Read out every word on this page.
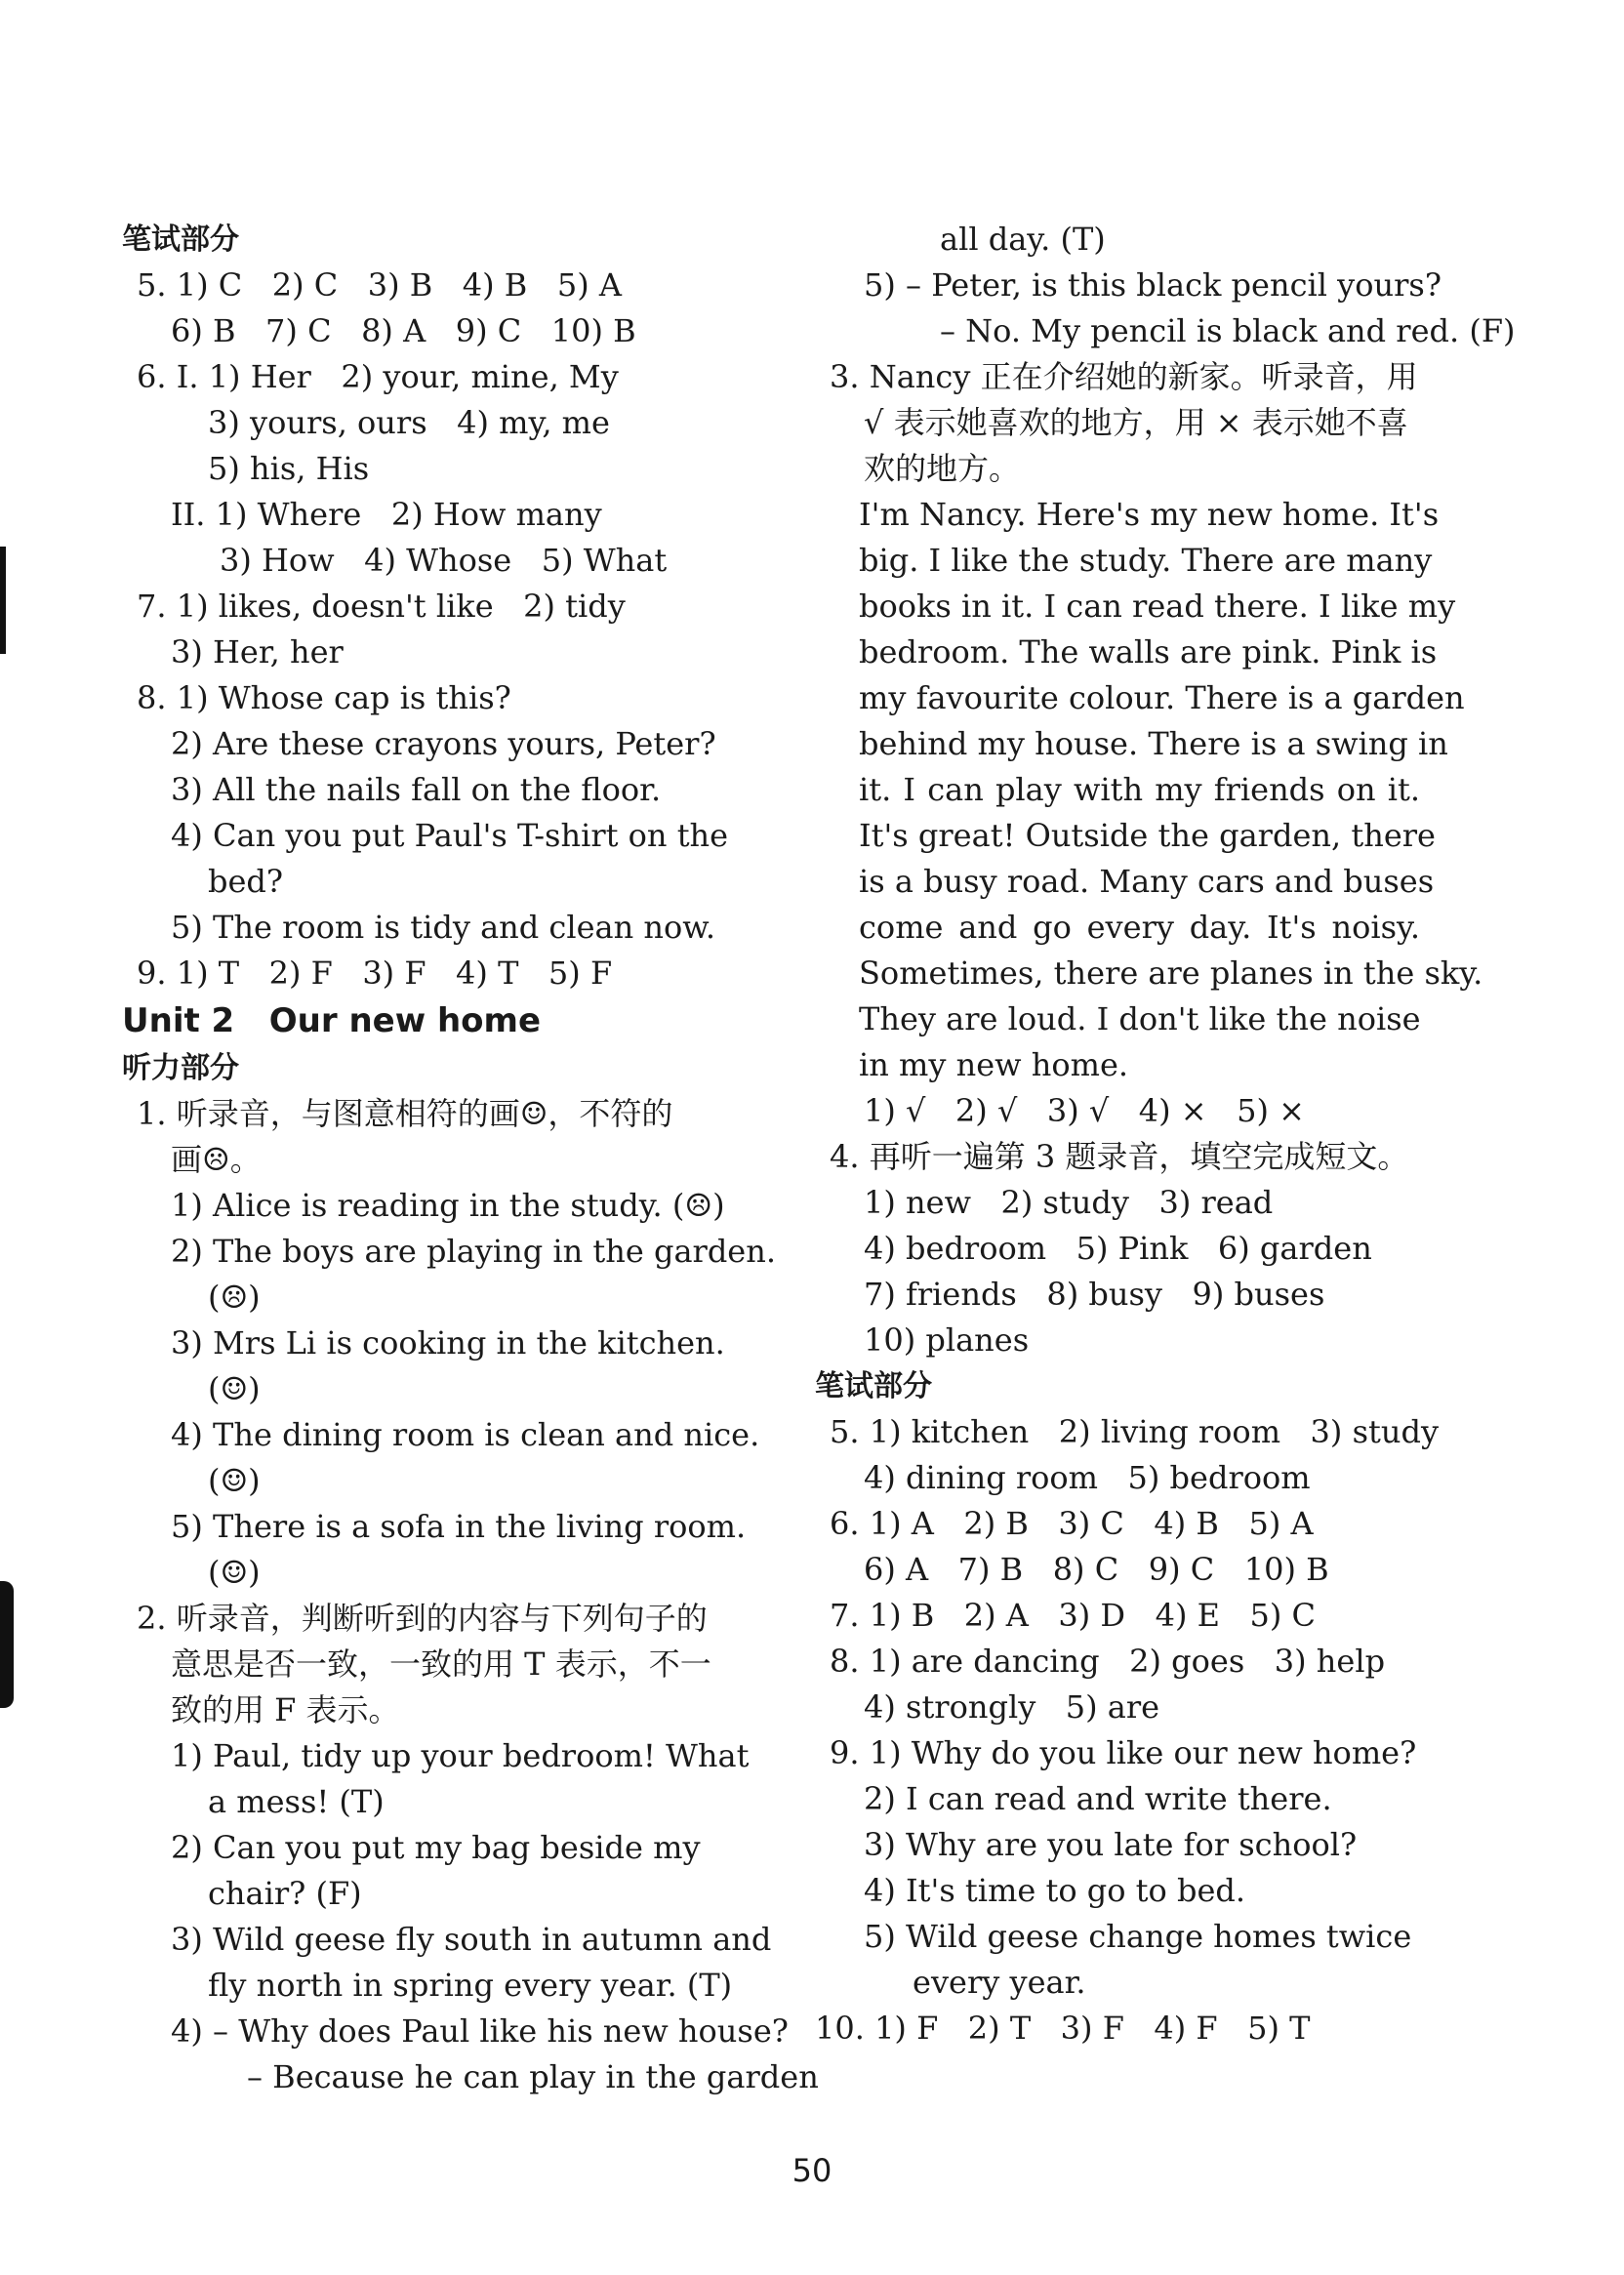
笔试部分
5. 1) C   2) C   3) B   4) B   5) A
6) B   7) C   8) A   9) C   10) B
6. I. 1) Her   2) your, mine, My
3) yours, ours   4) my, me
5) his, His
II. 1) Where   2) How many
3) How   4) Whose   5) What
7. 1) likes, doesn't like   2) tidy
3) Her, her
8. 1) Whose cap is this?
2) Are these crayons yours, Peter?
3) All the nails fall on the floor.
4) Can you put Paul's T-shirt on the
bed?
5) The room is tidy and clean now.
9. 1) T   2) F   3) F   4) T   5) F
Unit 2   Our new home
听力部分
1. 听录音，与图意相符的画☺，不符的
画☹。
1) Alice is reading in the study. (☹)
2) The boys are playing in the garden.
(☹)
3) Mrs Li is cooking in the kitchen.
(☺)
4) The dining room is clean and nice.
(☺)
5) There is a sofa in the living room.
(☺)
2. 听录音，判断听到的内容与下列句子的
意思是否一致，一致的用 T 表示，不一
致的用 F 表示。
1) Paul, tidy up your bedroom! What
a mess! (T)
2) Can you put my bag beside my
chair? (F)
3) Wild geese fly south in autumn and
fly north in spring every year. (T)
4) – Why does Paul like his new house?
– Because he can play in the garden
all day. (T)
5) – Peter, is this black pencil yours?
– No. My pencil is black and red. (F)
3. Nancy 正在介绍她的新家。听录音，用
√ 表示她喜欢的地方，用 × 表示她不喜
欢的地方。
I'm Nancy. Here's my new home. It's
big. I like the study. There are many
books in it. I can read there. I like my
bedroom. The walls are pink. Pink is
my favourite colour. There is a garden
behind my house. There is a swing in
it. I can play with my friends on it.
It's great! Outside the garden, there
is a busy road. Many cars and buses
come and go every day. It's noisy.
Sometimes, there are planes in the sky.
They are loud. I don't like the noise
in my new home.
1) √   2) √   3) √   4) ×   5) ×
4. 再听一遍第 3 题录音，填空完成短文。
1) new   2) study   3) read
4) bedroom   5) Pink   6) garden
7) friends   8) busy   9) buses
10) planes
笔试部分
5. 1) kitchen   2) living room   3) study
4) dining room   5) bedroom
6. 1) A   2) B   3) C   4) B   5) A
6) A   7) B   8) C   9) C   10) B
7. 1) B   2) A   3) D   4) E   5) C
8. 1) are dancing   2) goes   3) help
4) strongly   5) are
9. 1) Why do you like our new home?
2) I can read and write there.
3) Why are you late for school?
4) It's time to go to bed.
5) Wild geese change homes twice
every year.
10. 1) F   2) T   3) F   4) F   5) T
50
